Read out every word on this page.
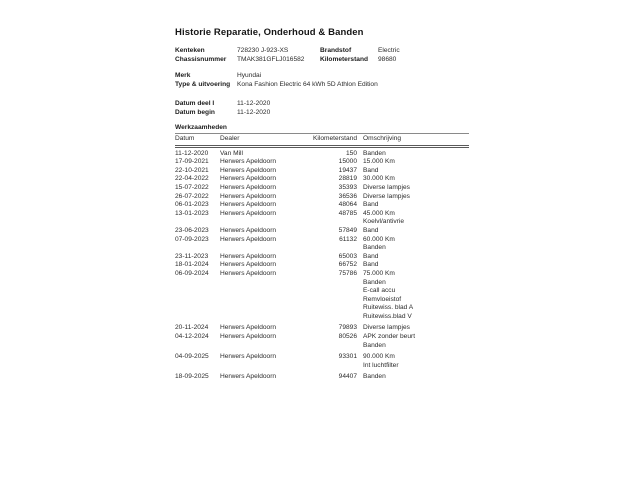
Historie Reparatie, Onderhoud & Banden
Kenteken	728230 J-923-XS	Brandstof	Electric
Chassisnummer	TMAK381GFLJ016582	Kilometerstand	98680
Merk	Hyundai
Type & uitvoering	Kona Fashion Electric 64 kWh 5D Athlon Edition
Datum deel I	11-12-2020
Datum begin	11-12-2020
Werkzaamheden
Datum	Dealer	Kilometerstand Omschrijving
11-12-2020	Van Mill	150 Banden
17-09-2021	Herwers Apeldoorn	15000 15.000 Km
22-10-2021	Herwers Apeldoorn	19437 Band
22-04-2022	Herwers Apeldoorn	28819 30.000 Km
15-07-2022	Herwers Apeldoorn	35393 Diverse lampjes
26-07-2022	Herwers Apeldoorn	36536 Diverse lampjes
06-01-2023	Herwers Apeldoorn	48064 Band
13-01-2023	Herwers Apeldoorn	48785 45.000 Km
Koelvl/antivrie
23-06-2023	Herwers Apeldoorn	57849 Band
07-09-2023	Herwers Apeldoorn	61132 60.000 Km
Banden
23-11-2023	Herwers Apeldoorn	65003 Band
18-01-2024	Herwers Apeldoorn	66752 Band
06-09-2024	Herwers Apeldoorn	75786 75.000 Km
Banden
E-call accu
Remvloeistof
Ruitewiss. blad A
Ruitewiss.blad V
20-11-2024	Herwers Apeldoorn	79893 Diverse lampjes
04-12-2024	Herwers Apeldoorn	80526 APK zonder beurt
Banden
04-09-2025	Herwers Apeldoorn	93301 90.000 Km
Int luchtfilter
18-09-2025	Herwers Apeldoorn	94407 Banden
